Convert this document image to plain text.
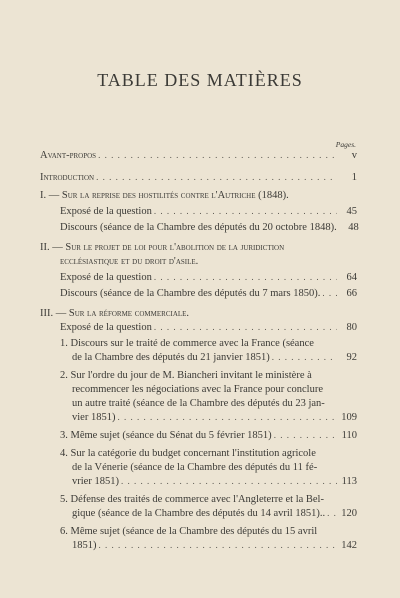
TABLE DES MATIÈRES
Pages.
Avant-propos . . .	v
Introduction . . .	1
I. — Sur la reprise des hostilités contre l'Autriche (1848).
Exposé de la question . . .	45
Discours (séance de la Chambre des députés du 20 octobre 1848).	48
II. — Sur le projet de loi pour l'abolition de la juridiction
ecclésiastique et du droit d'asile.
Exposé de la question . . .	64
Discours (séance de la Chambre des députés du 7 mars 1850). . . .	66
III. — Sur la réforme commerciale.
Exposé de la question . . .	80
1. Discours sur le traité de commerce avec la France (séance
de la Chambre des députés du 21 janvier 1851) . . .	92
2. Sur l'ordre du jour de M. Biancheri invitant le ministère à
recommencer les négociations avec la France pour conclure
un autre traité (séance de la Chambre des députés du 23 jan-
vier 1851) . . .	109
3. Même sujet (séance du Sénat du 5 février 1851) . . .	110
4. Sur la catégorie du budget concernant l'institution agricole
de la Vénerie (séance de la Chambre des députés du 11 fé-
vrier 1851) . . .	113
5. Défense des traités de commerce avec l'Angleterre et la Bel-
gique (séance de la Chambre des députés du 14 avril 1851).. . . . 120
6. Même sujet (séance de la Chambre des députés du 15 avril
1851) . . .	142
